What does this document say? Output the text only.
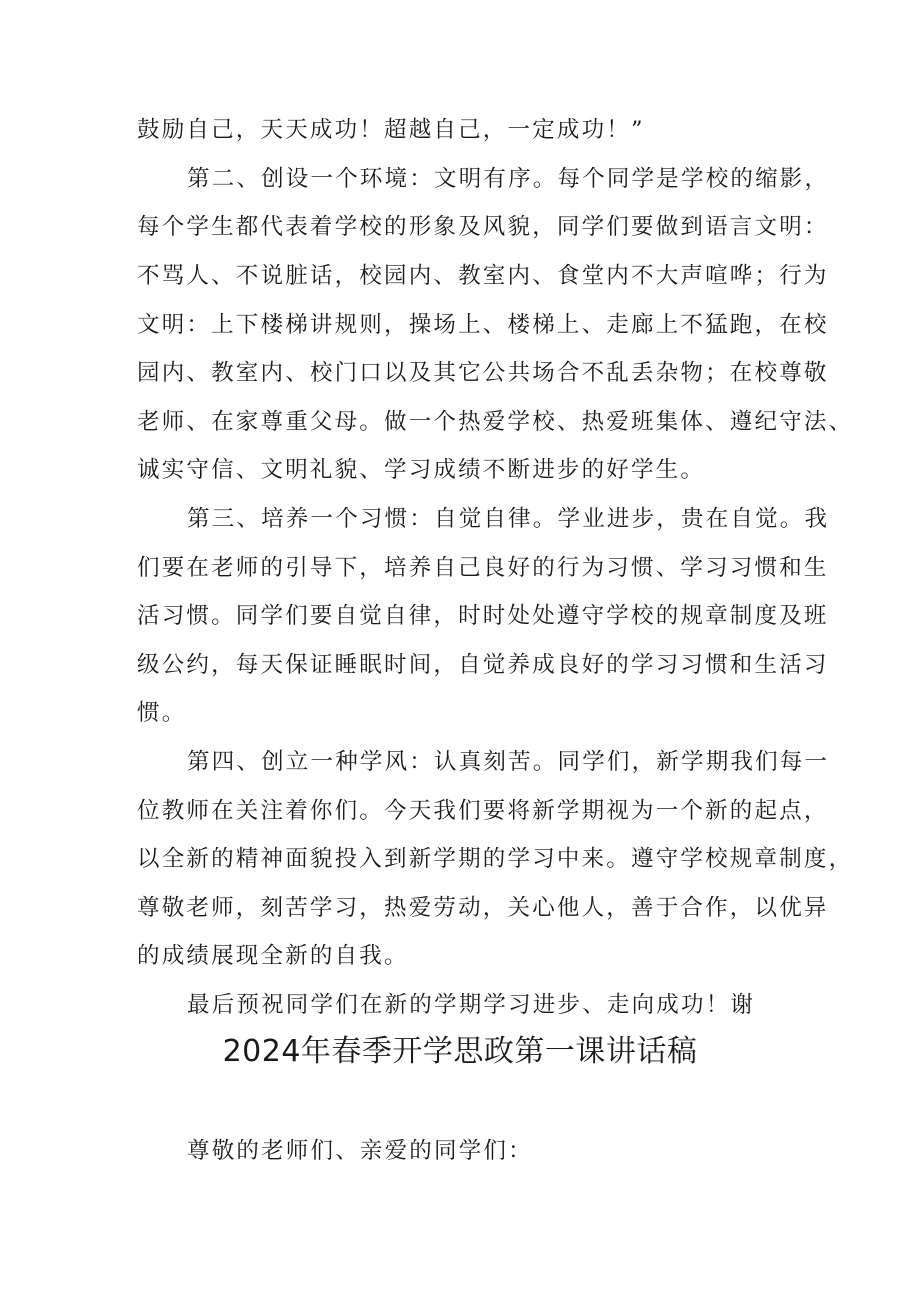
鼓励自己，天天成功！超越自己，一定成功！”
第二、创设一个环境：文明有序。每个同学是学校的缩影，
每个学生都代表着学校的形象及风貌，同学们要做到语言文明：
不骂人、不说脏话，校园内、教室内、食堂内不大声喧哗；行为
文明：上下楼梯讲规则，操场上、楼梯上、走廊上不猛跑，在校
园内、教室内、校门口以及其它公共场合不乱丢杂物；在校尊敬
老师、在家尊重父母。做一个热爱学校、热爱班集体、遵纪守法、
诚实守信、文明礼貌、学习成绩不断进步的好学生。
第三、培养一个习惯：自觉自律。学业进步，贵在自觉。我
们要在老师的引导下，培养自己良好的行为习惯、学习习惯和生
活习惯。同学们要自觉自律，时时处处遵守学校的规章制度及班
级公约，每天保证睡眠时间，自觉养成良好的学习习惯和生活习
惯。
第四、创立一种学风：认真刻苦。同学们，新学期我们每一
位教师在关注着你们。今天我们要将新学期视为一个新的起点，
以全新的精神面貌投入到新学期的学习中来。遵守学校规章制度，
尊敬老师，刻苦学习，热爱劳动，关心他人，善于合作，以优异
的成绩展现全新的自我。
最后预祝同学们在新的学期学习进步、走向成功！谢
2024年春季开学思政第一课讲话稿
尊敬的老师们、亲爱的同学们：
